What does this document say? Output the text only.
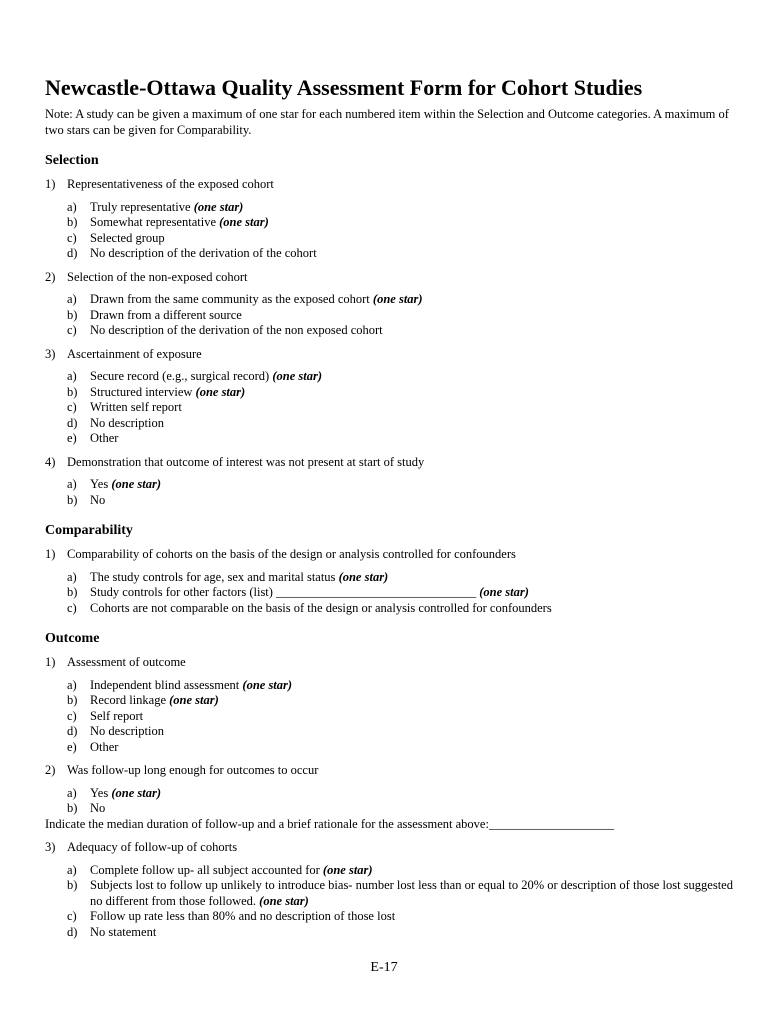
Newcastle-Ottawa Quality Assessment Form for Cohort Studies

Note: A study can be given a maximum of one star for each numbered item within the Selection and Outcome categories. A maximum of two stars can be given for Comparability.

Selection
1) Representativeness of the exposed cohort
a)	Truly representative (one star)
b)	Somewhat representative (one star)
c)	Selected group
d)	No description of the derivation of the cohort
2) Selection of the non-exposed cohort
a)	Drawn from the same community as the exposed cohort (one star)
b)	Drawn from a different source
c)	No description of the derivation of the non exposed cohort
3) Ascertainment of exposure
a)	Secure record (e.g., surgical record) (one star)
b)	Structured interview (one star)
c)	Written self report
d)	No description
e)	Other
4) Demonstration that outcome of interest was not present at start of study
a)	Yes (one star)
b)	No
Comparability
1) Comparability of cohorts on the basis of the design or analysis controlled for confounders
a)	The study controls for age, sex and marital status (one star)
b)	Study controls for other factors (list) ________________________________ (one star)
c)	Cohorts are not comparable on the basis of the design or analysis controlled for confounders
Outcome
1) Assessment of outcome
a)	Independent blind assessment (one star)
b)	Record linkage (one star)
c)	Self report
d)	No description
e)	Other
2) Was follow-up long enough for outcomes to occur
a)	Yes (one star)
b)	No

Indicate the median duration of follow-up and a brief rationale for the assessment above:____________________

3) Adequacy of follow-up of cohorts
a)	Complete follow up- all subject accounted for (one star)
b)	Subjects lost to follow up unlikely to introduce bias- number lost less than or equal to 20% or description of those lost suggested no different from those followed. (one star)
c)	Follow up rate less than 80% and no description of those lost
d)	No statement
E-17
